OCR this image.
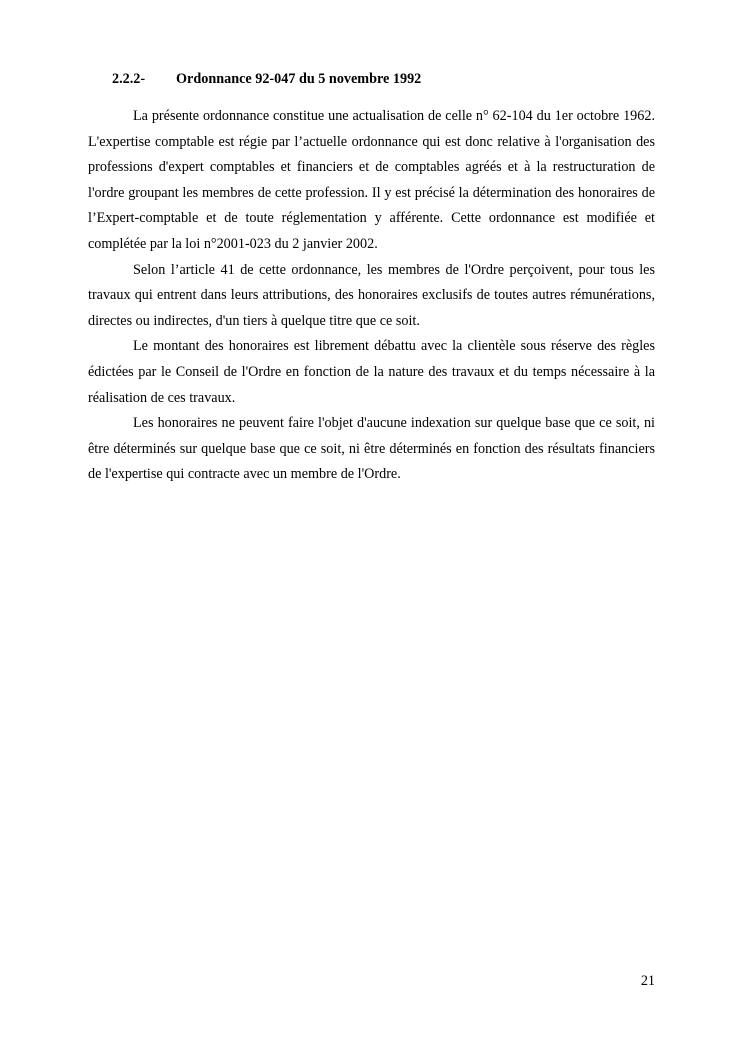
2.2.2- Ordonnance 92-047 du 5 novembre 1992

La présente ordonnance constitue une actualisation de celle n° 62-104 du 1er octobre 1962. L'expertise comptable est régie par l’actuelle ordonnance qui est donc relative à l'organisation des professions d'expert comptables et financiers et de comptables agréés et à la restructuration de l'ordre groupant les membres de cette profession. Il y est précisé la détermination des honoraires de l’Expert-comptable et de toute réglementation y afférente. Cette ordonnance est modifiée et complétée par la loi n°2001-023 du 2 janvier 2002.

Selon l’article 41 de cette ordonnance, les membres de l'Ordre perçoivent, pour tous les travaux qui entrent dans leurs attributions, des honoraires exclusifs de toutes autres rémunérations, directes ou indirectes, d'un tiers à quelque titre que ce soit.

Le montant des honoraires est librement débattu avec la clientèle sous réserve des règles édictées par le Conseil de l'Ordre en fonction de la nature des travaux et du temps nécessaire à la réalisation de ces travaux.

Les honoraires ne peuvent faire l'objet d'aucune indexation sur quelque base que ce soit, ni être déterminés sur quelque base que ce soit, ni être déterminés en fonction des résultats financiers de l'expertise qui contracte avec un membre de l'Ordre.

21
